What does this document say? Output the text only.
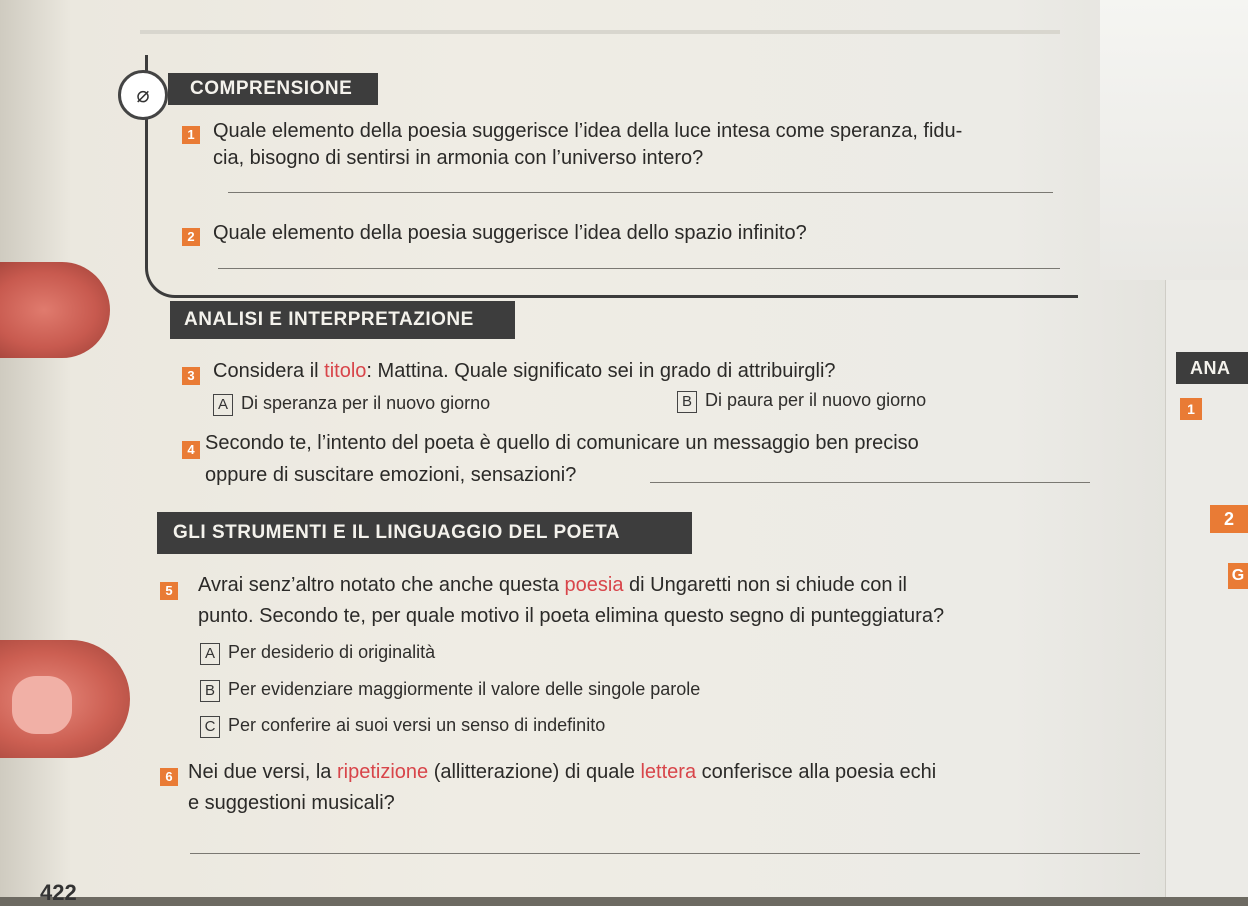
⌀	COMPRENSIONE
1 Quale elemento della poesia suggerisce l’idea della luce intesa come speranza, fidu-
cia, bisogno di sentirsi in armonia con l’universo intero?
2 Quale elemento della poesia suggerisce l’idea dello spazio infinito?
ANALISI E INTERPRETAZIONE
3 Considera il titolo: Mattina. Quale significato sei in grado di attribuirgli?
A Di speranza per il nuovo giorno	B Di paura per il nuovo giorno
4 Secondo te, l’intento del poeta è quello di comunicare un messaggio ben preciso
oppure di suscitare emozioni, sensazioni?
GLI STRUMENTI E IL LINGUAGGIO DEL POETA
5 Avrai senz’altro notato che anche questa poesia di Ungaretti non si chiude con il
punto. Secondo te, per quale motivo il poeta elimina questo segno di punteggiatura?
A Per desiderio di originalità
B Per evidenziare maggiormente il valore delle singole parole
C Per conferire ai suoi versi un senso di indefinito
6 Nei due versi, la ripetizione (allitterazione) di quale lettera conferisce alla poesia echi
e suggestioni musicali?
422
ANA
1
2
G
